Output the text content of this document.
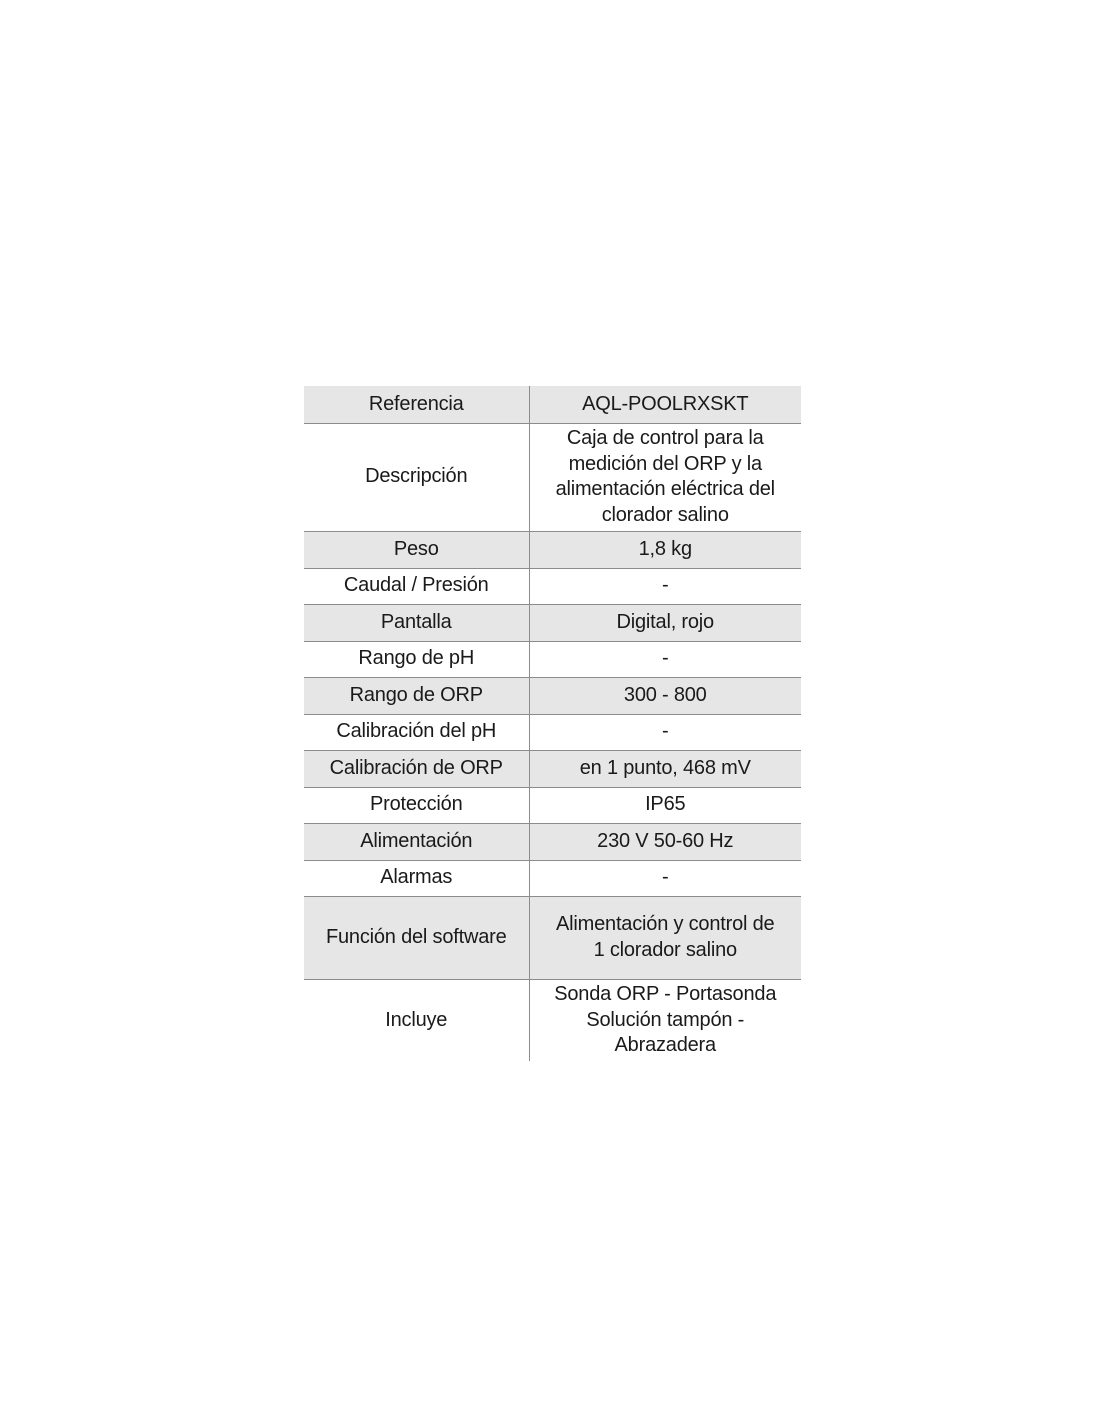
Referencia	AQL-POOLRXSKT

Descripción	Caja de control para la
medición del ORP y la
alimentación eléctrica del
clorador salino

Peso	1,8 kg

Caudal / Presión	-

Pantalla	Digital, rojo

Rango de pH	-

Rango de ORP	300 - 800

Calibración del pH	-

Calibración de ORP	en 1 punto, 468 mV

Protección	IP65

Alimentación	230 V 50-60 Hz

Alarmas	-

Función del software	Alimentación y control de
1 clorador salino

Incluye	Sonda ORP - Portasonda
Solución tampón -
Abrazadera
